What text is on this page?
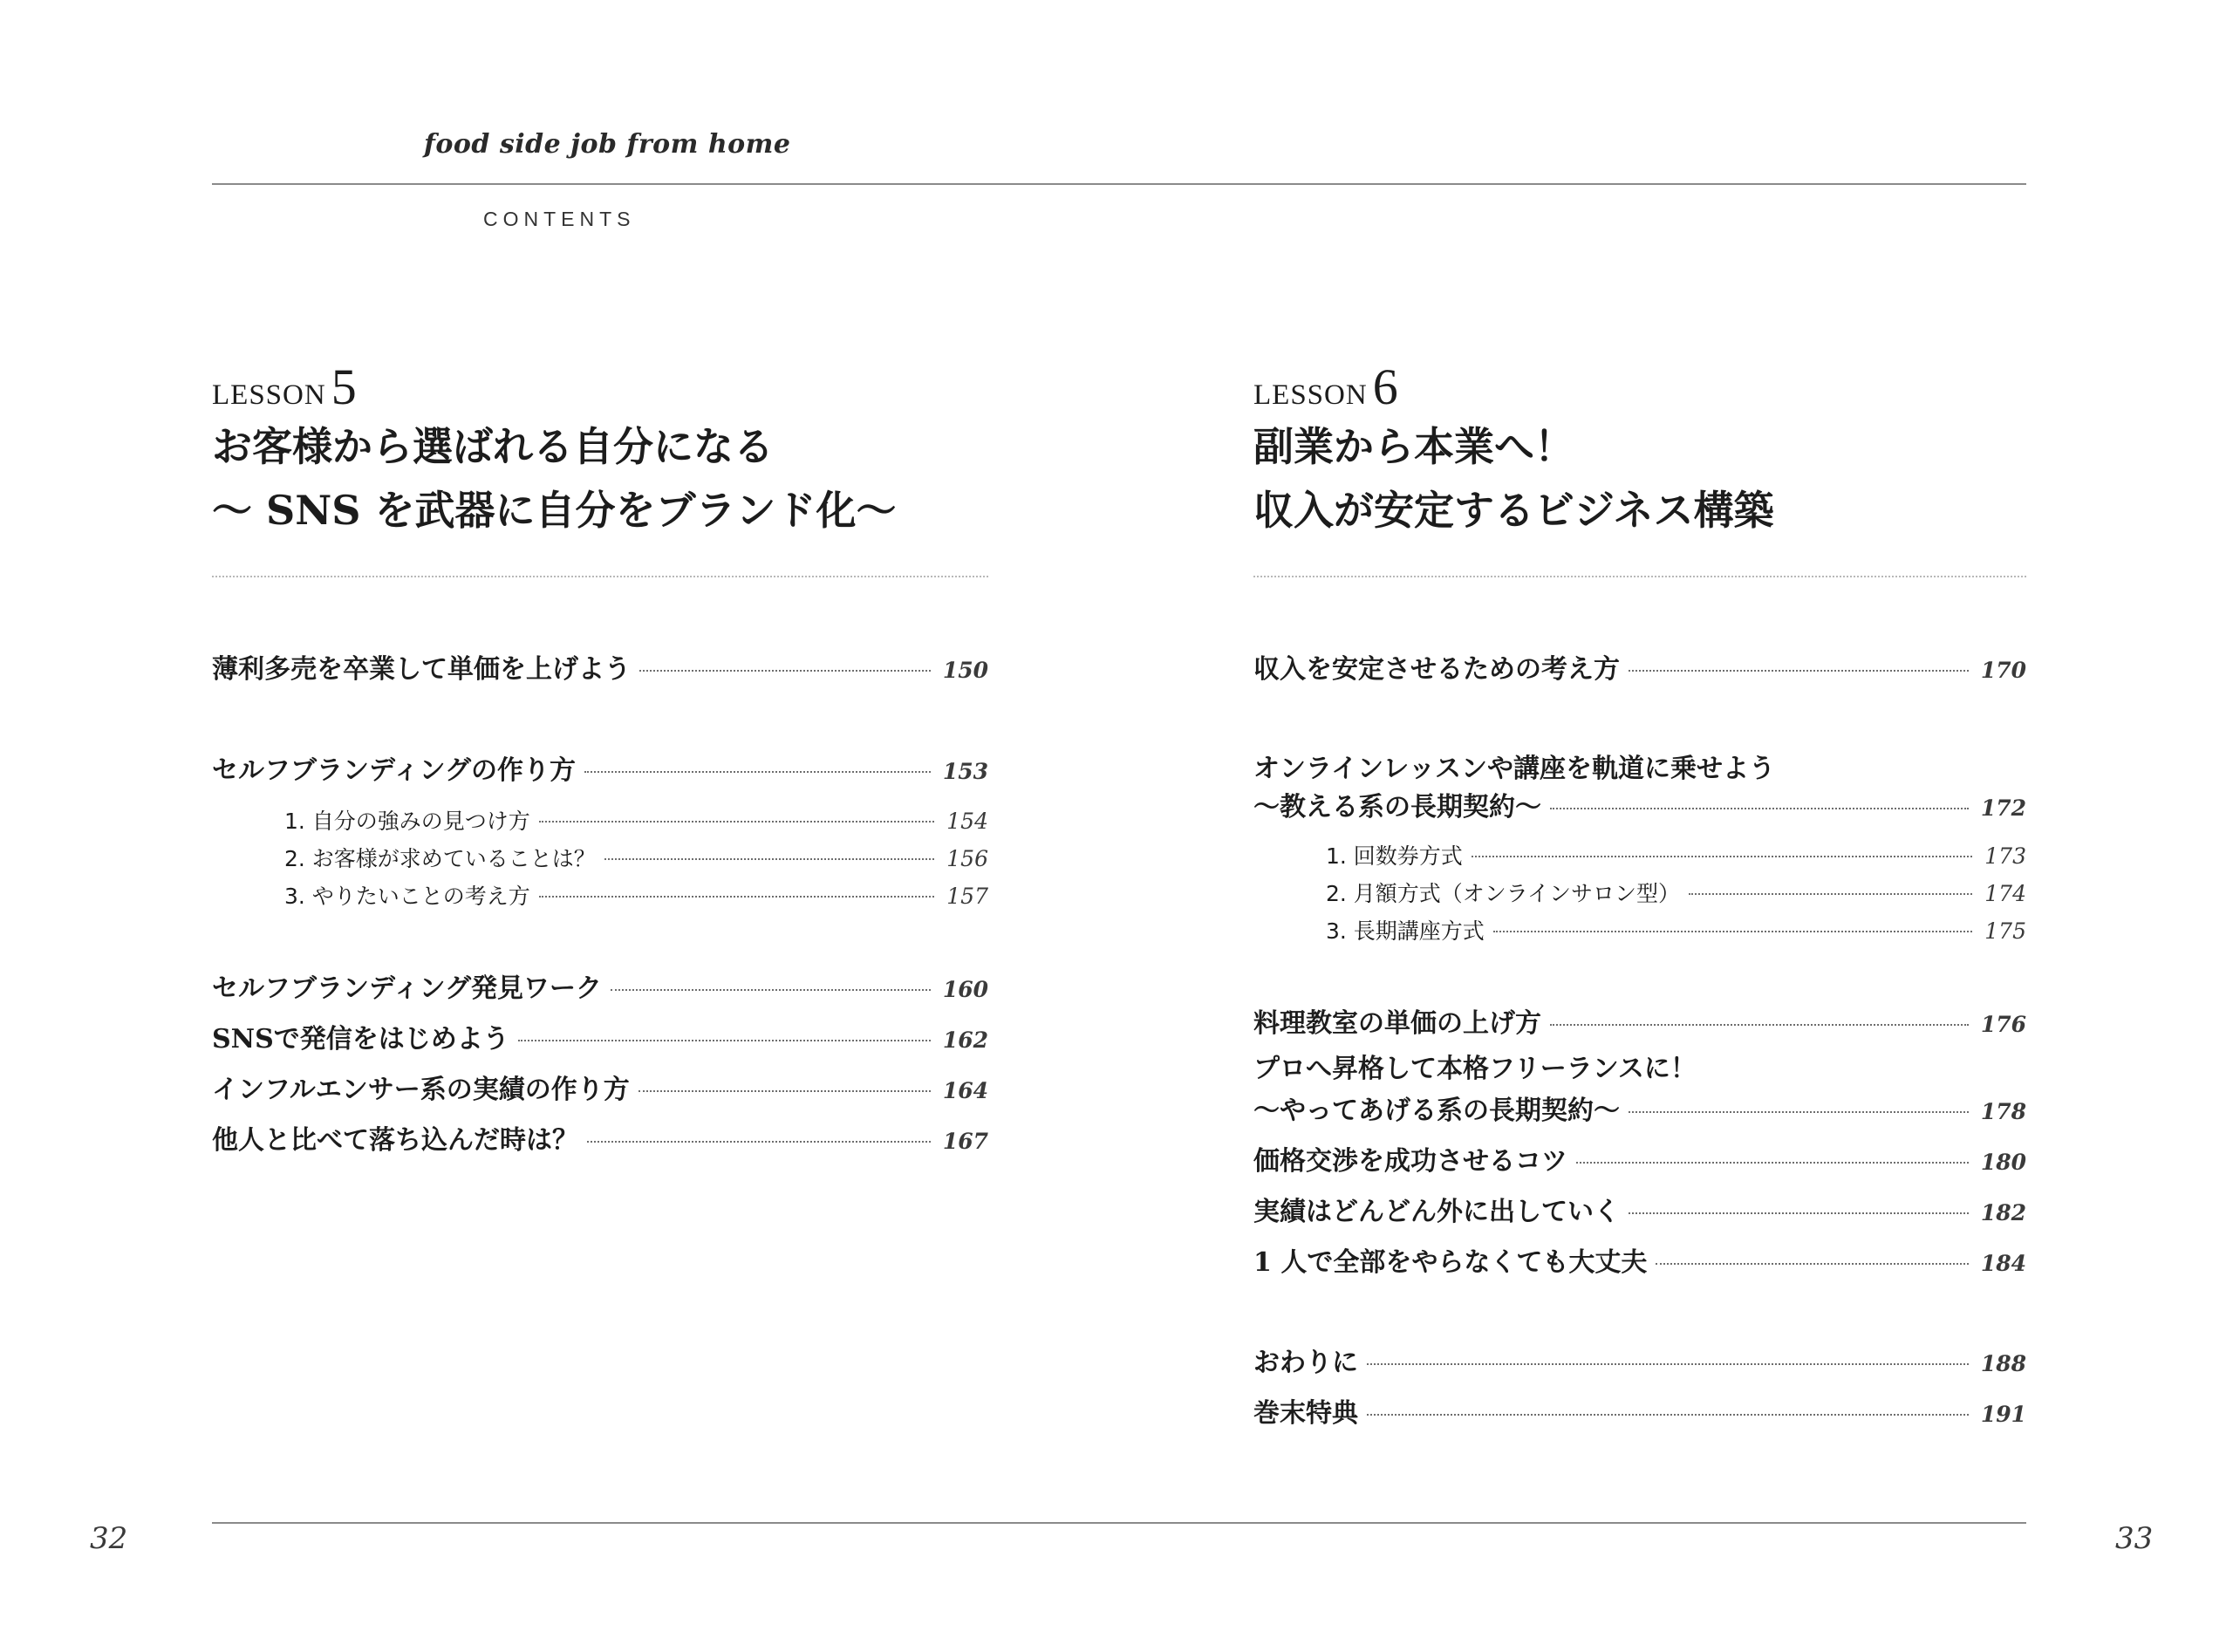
food side job from home
CONTENTS
LESSON 5
お客様から選ばれる自分になる
〜 SNS を武器に自分をブランド化〜
薄利多売を卒業して単価を上げよう	150
セルフブランディングの作り方	153
1. 自分の強みの見つけ方	154
2. お客様が求めていることは？	156
3. やりたいことの考え方	157
セルフブランディング発見ワーク	160
SNSで発信をはじめよう	162
インフルエンサー系の実績の作り方	164
他人と比べて落ち込んだ時は？	167
LESSON 6
副業から本業へ！
収入が安定するビジネス構築
収入を安定させるための考え方	170
オンラインレッスンや講座を軌道に乗せよう
〜教える系の長期契約〜	172
1. 回数券方式	173
2. 月額方式（オンラインサロン型）	174
3. 長期講座方式	175
料理教室の単価の上げ方	176
プロへ昇格して本格フリーランスに！
〜やってあげる系の長期契約〜	178
価格交渉を成功させるコツ	180
実績はどんどん外に出していく	182
1 人で全部をやらなくても大丈夫	184
おわりに	188
巻末特典	191
32	33
